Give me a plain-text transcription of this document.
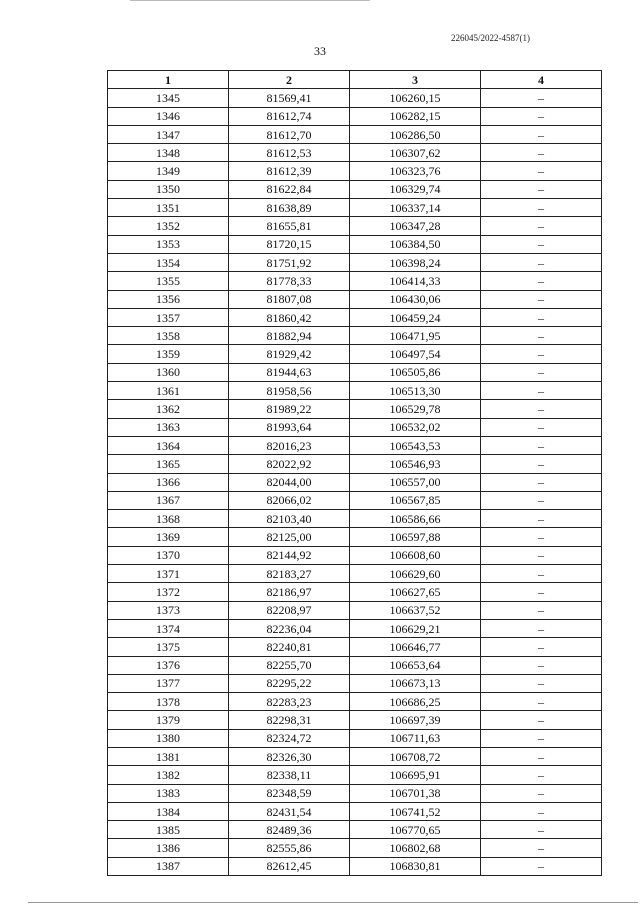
226045/2022-4587(1)
33
1	2	3	4
1345	81569,41	106260,15	–
1346	81612,74	106282,15	–
1347	81612,70	106286,50	–
1348	81612,53	106307,62	–
1349	81612,39	106323,76	–
1350	81622,84	106329,74	–
1351	81638,89	106337,14	–
1352	81655,81	106347,28	–
1353	81720,15	106384,50	–
1354	81751,92	106398,24	–
1355	81778,33	106414,33	–
1356	81807,08	106430,06	–
1357	81860,42	106459,24	–
1358	81882,94	106471,95	–
1359	81929,42	106497,54	–
1360	81944,63	106505,86	–
1361	81958,56	106513,30	–
1362	81989,22	106529,78	–
1363	81993,64	106532,02	–
1364	82016,23	106543,53	–
1365	82022,92	106546,93	–
1366	82044,00	106557,00	–
1367	82066,02	106567,85	–
1368	82103,40	106586,66	–
1369	82125,00	106597,88	–
1370	82144,92	106608,60	–
1371	82183,27	106629,60	–
1372	82186,97	106627,65	–
1373	82208,97	106637,52	–
1374	82236,04	106629,21	–
1375	82240,81	106646,77	–
1376	82255,70	106653,64	–
1377	82295,22	106673,13	–
1378	82283,23	106686,25	–
1379	82298,31	106697,39	–
1380	82324,72	106711,63	–
1381	82326,30	106708,72	–
1382	82338,11	106695,91	–
1383	82348,59	106701,38	–
1384	82431,54	106741,52	–
1385	82489,36	106770,65	–
1386	82555,86	106802,68	–
1387	82612,45	106830,81	–
